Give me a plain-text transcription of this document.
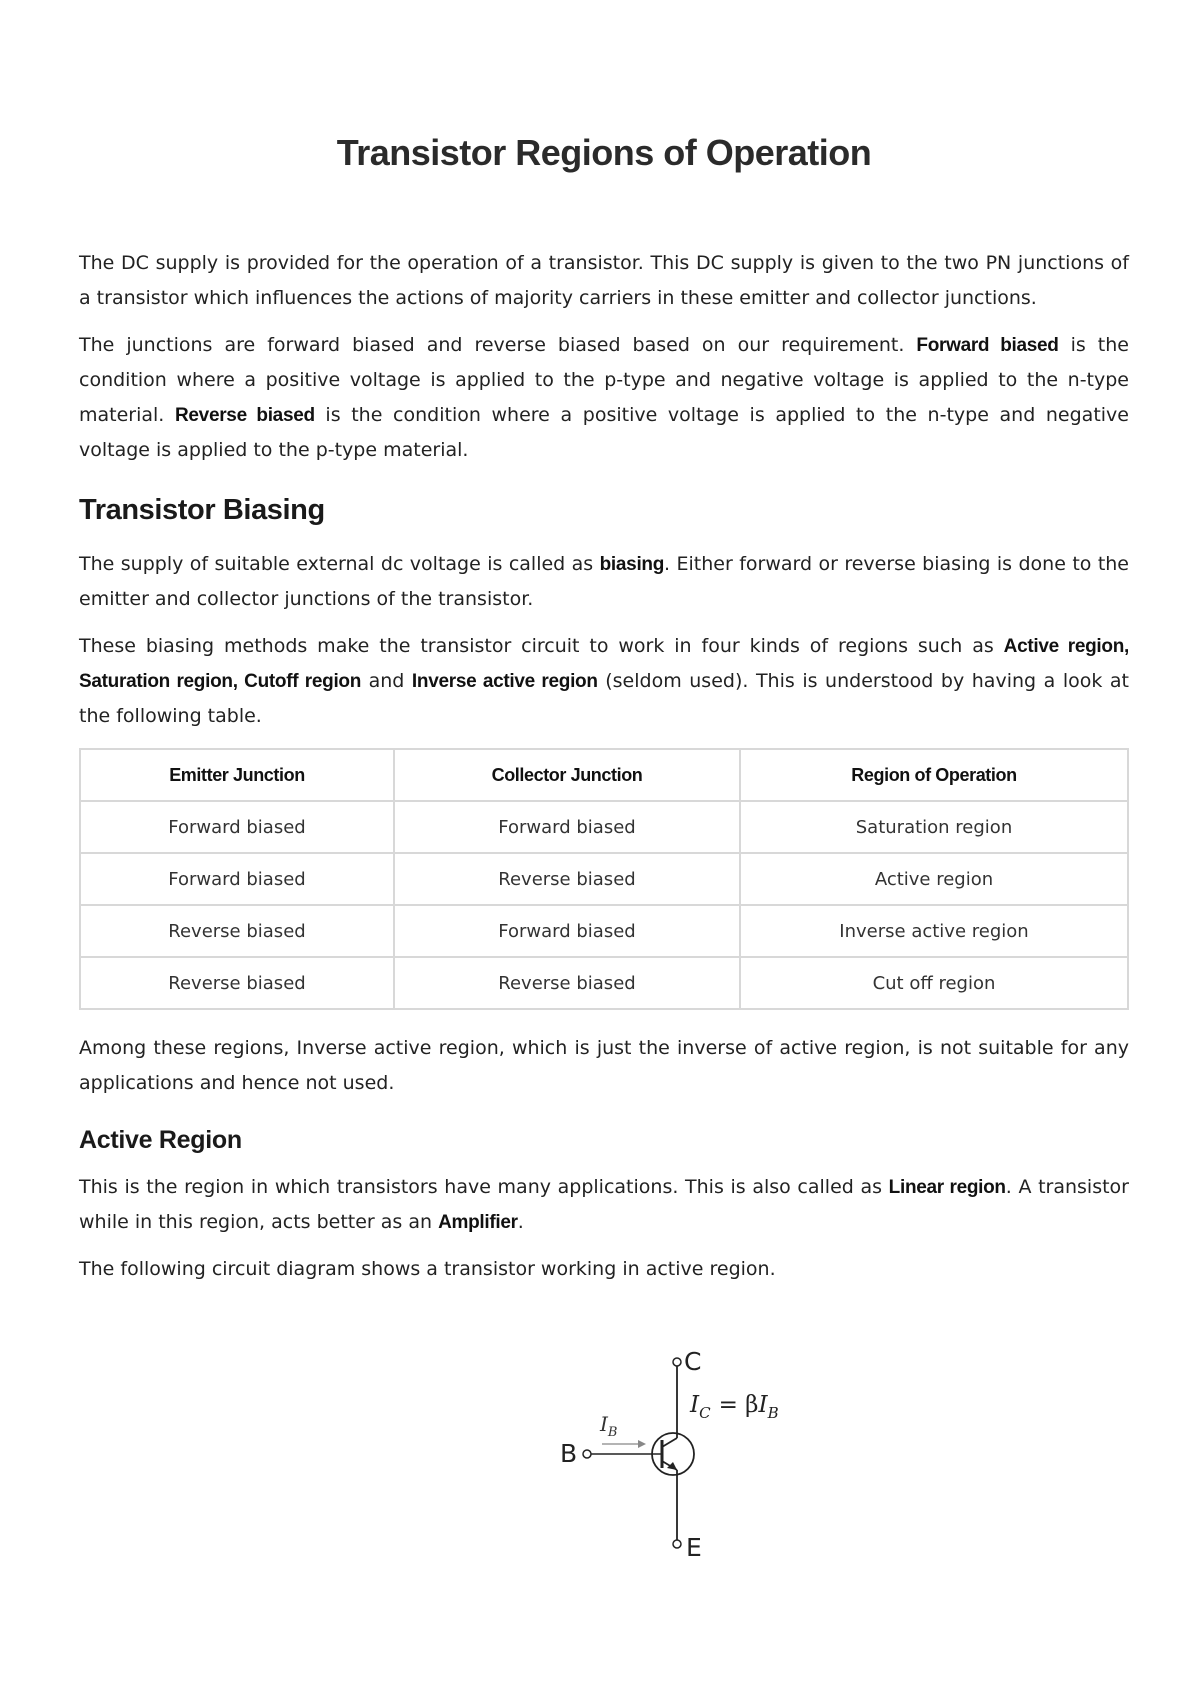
Transistor Regions of Operation

The DC supply is provided for the operation of a transistor. This DC supply is given to the two PN junctions of a transistor which influences the actions of majority carriers in these emitter and collector junctions.

The junctions are forward biased and reverse biased based on our requirement. Forward biased is the condition where a positive voltage is applied to the p-type and negative voltage is applied to the n-type material. Reverse biased is the condition where a positive voltage is applied to the n-type and negative voltage is applied to the p-type material.

Transistor Biasing

The supply of suitable external dc voltage is called as biasing. Either forward or reverse biasing is done to the emitter and collector junctions of the transistor.

These biasing methods make the transistor circuit to work in four kinds of regions such as Active region, Saturation region, Cutoff region and Inverse active region (seldom used). This is understood by having a look at the following table.

Emitter Junction	Collector Junction	Region of Operation
Forward biased	Forward biased	Saturation region
Forward biased	Reverse biased	Active region
Reverse biased	Forward biased	Inverse active region
Reverse biased	Reverse biased	Cut off region

Among these regions, Inverse active region, which is just the inverse of active region, is not suitable for any applications and hence not used.

Active Region

This is the region in which transistors have many applications. This is also called as Linear region. A transistor while in this region, acts better as an Amplifier.

The following circuit diagram shows a transistor working in active region.

C
B
E
$I_B$
$I_C = \beta I_B$
